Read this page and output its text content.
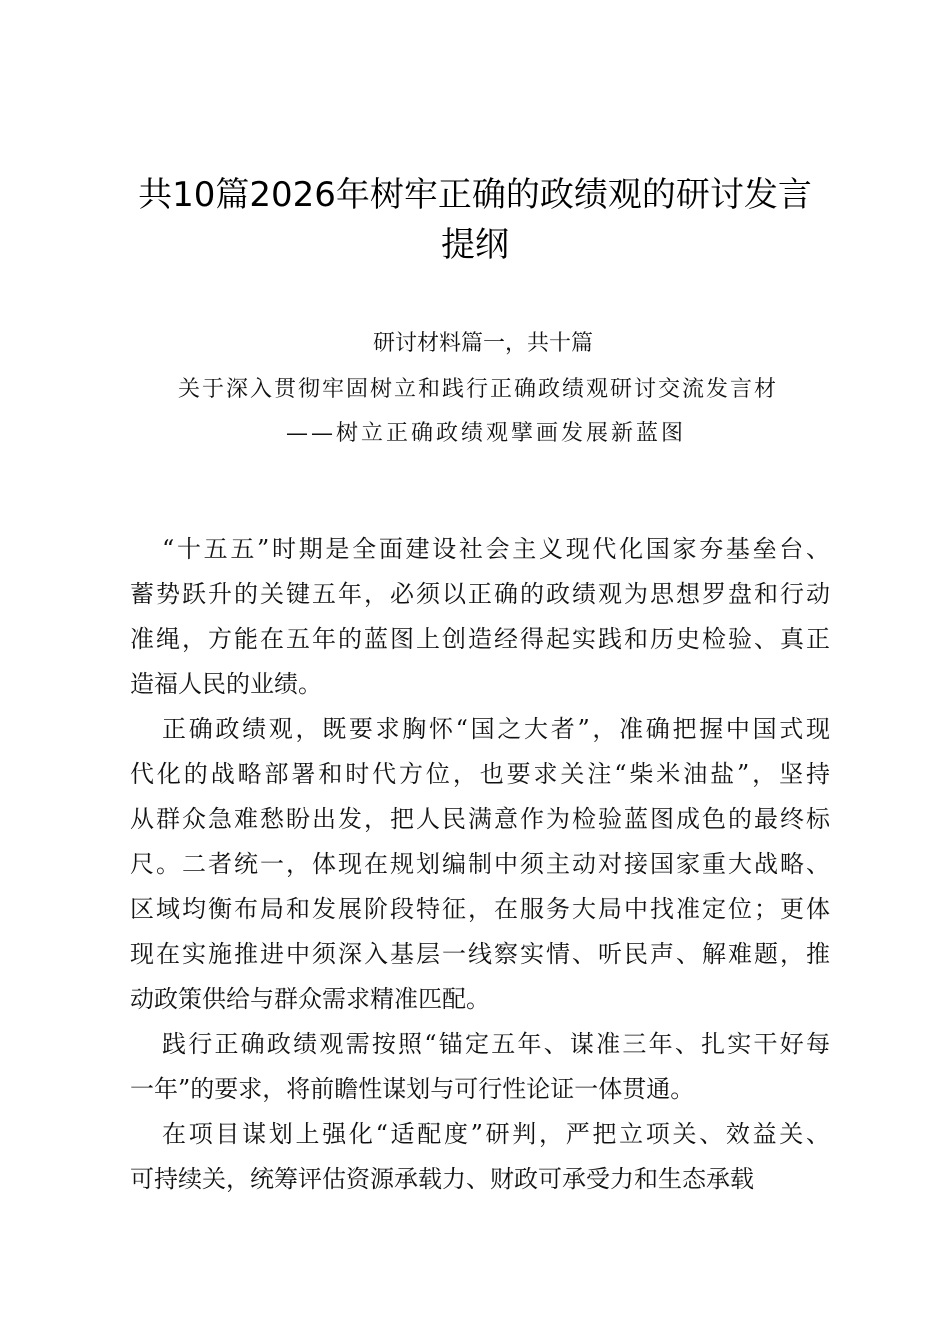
共10篇2026年树牢正确的政绩观的研讨发言
提纲
研讨材料篇一，共十篇
关于深入贯彻牢固树立和践行正确政绩观研讨交流发言材
——树立正确政绩观擘画发展新蓝图
“十五五”时期是全面建设社会主义现代化国家夯基垒台、
蓄势跃升的关键五年，必须以正确的政绩观为思想罗盘和行动
准绳，方能在五年的蓝图上创造经得起实践和历史检验、真正
造福人民的业绩。
正确政绩观，既要求胸怀“国之大者”，准确把握中国式现
代化的战略部署和时代方位，也要求关注“柴米油盐”，坚持
从群众急难愁盼出发，把人民满意作为检验蓝图成色的最终标
尺。二者统一，体现在规划编制中须主动对接国家重大战略、
区域均衡布局和发展阶段特征，在服务大局中找准定位；更体
现在实施推进中须深入基层一线察实情、听民声、解难题，推
动政策供给与群众需求精准匹配。
践行正确政绩观需按照“锚定五年、谋准三年、扎实干好每
一年”的要求，将前瞻性谋划与可行性论证一体贯通。
在项目谋划上强化“适配度”研判，严把立项关、效益关、
可持续关，统筹评估资源承载力、财政可承受力和生态承载
